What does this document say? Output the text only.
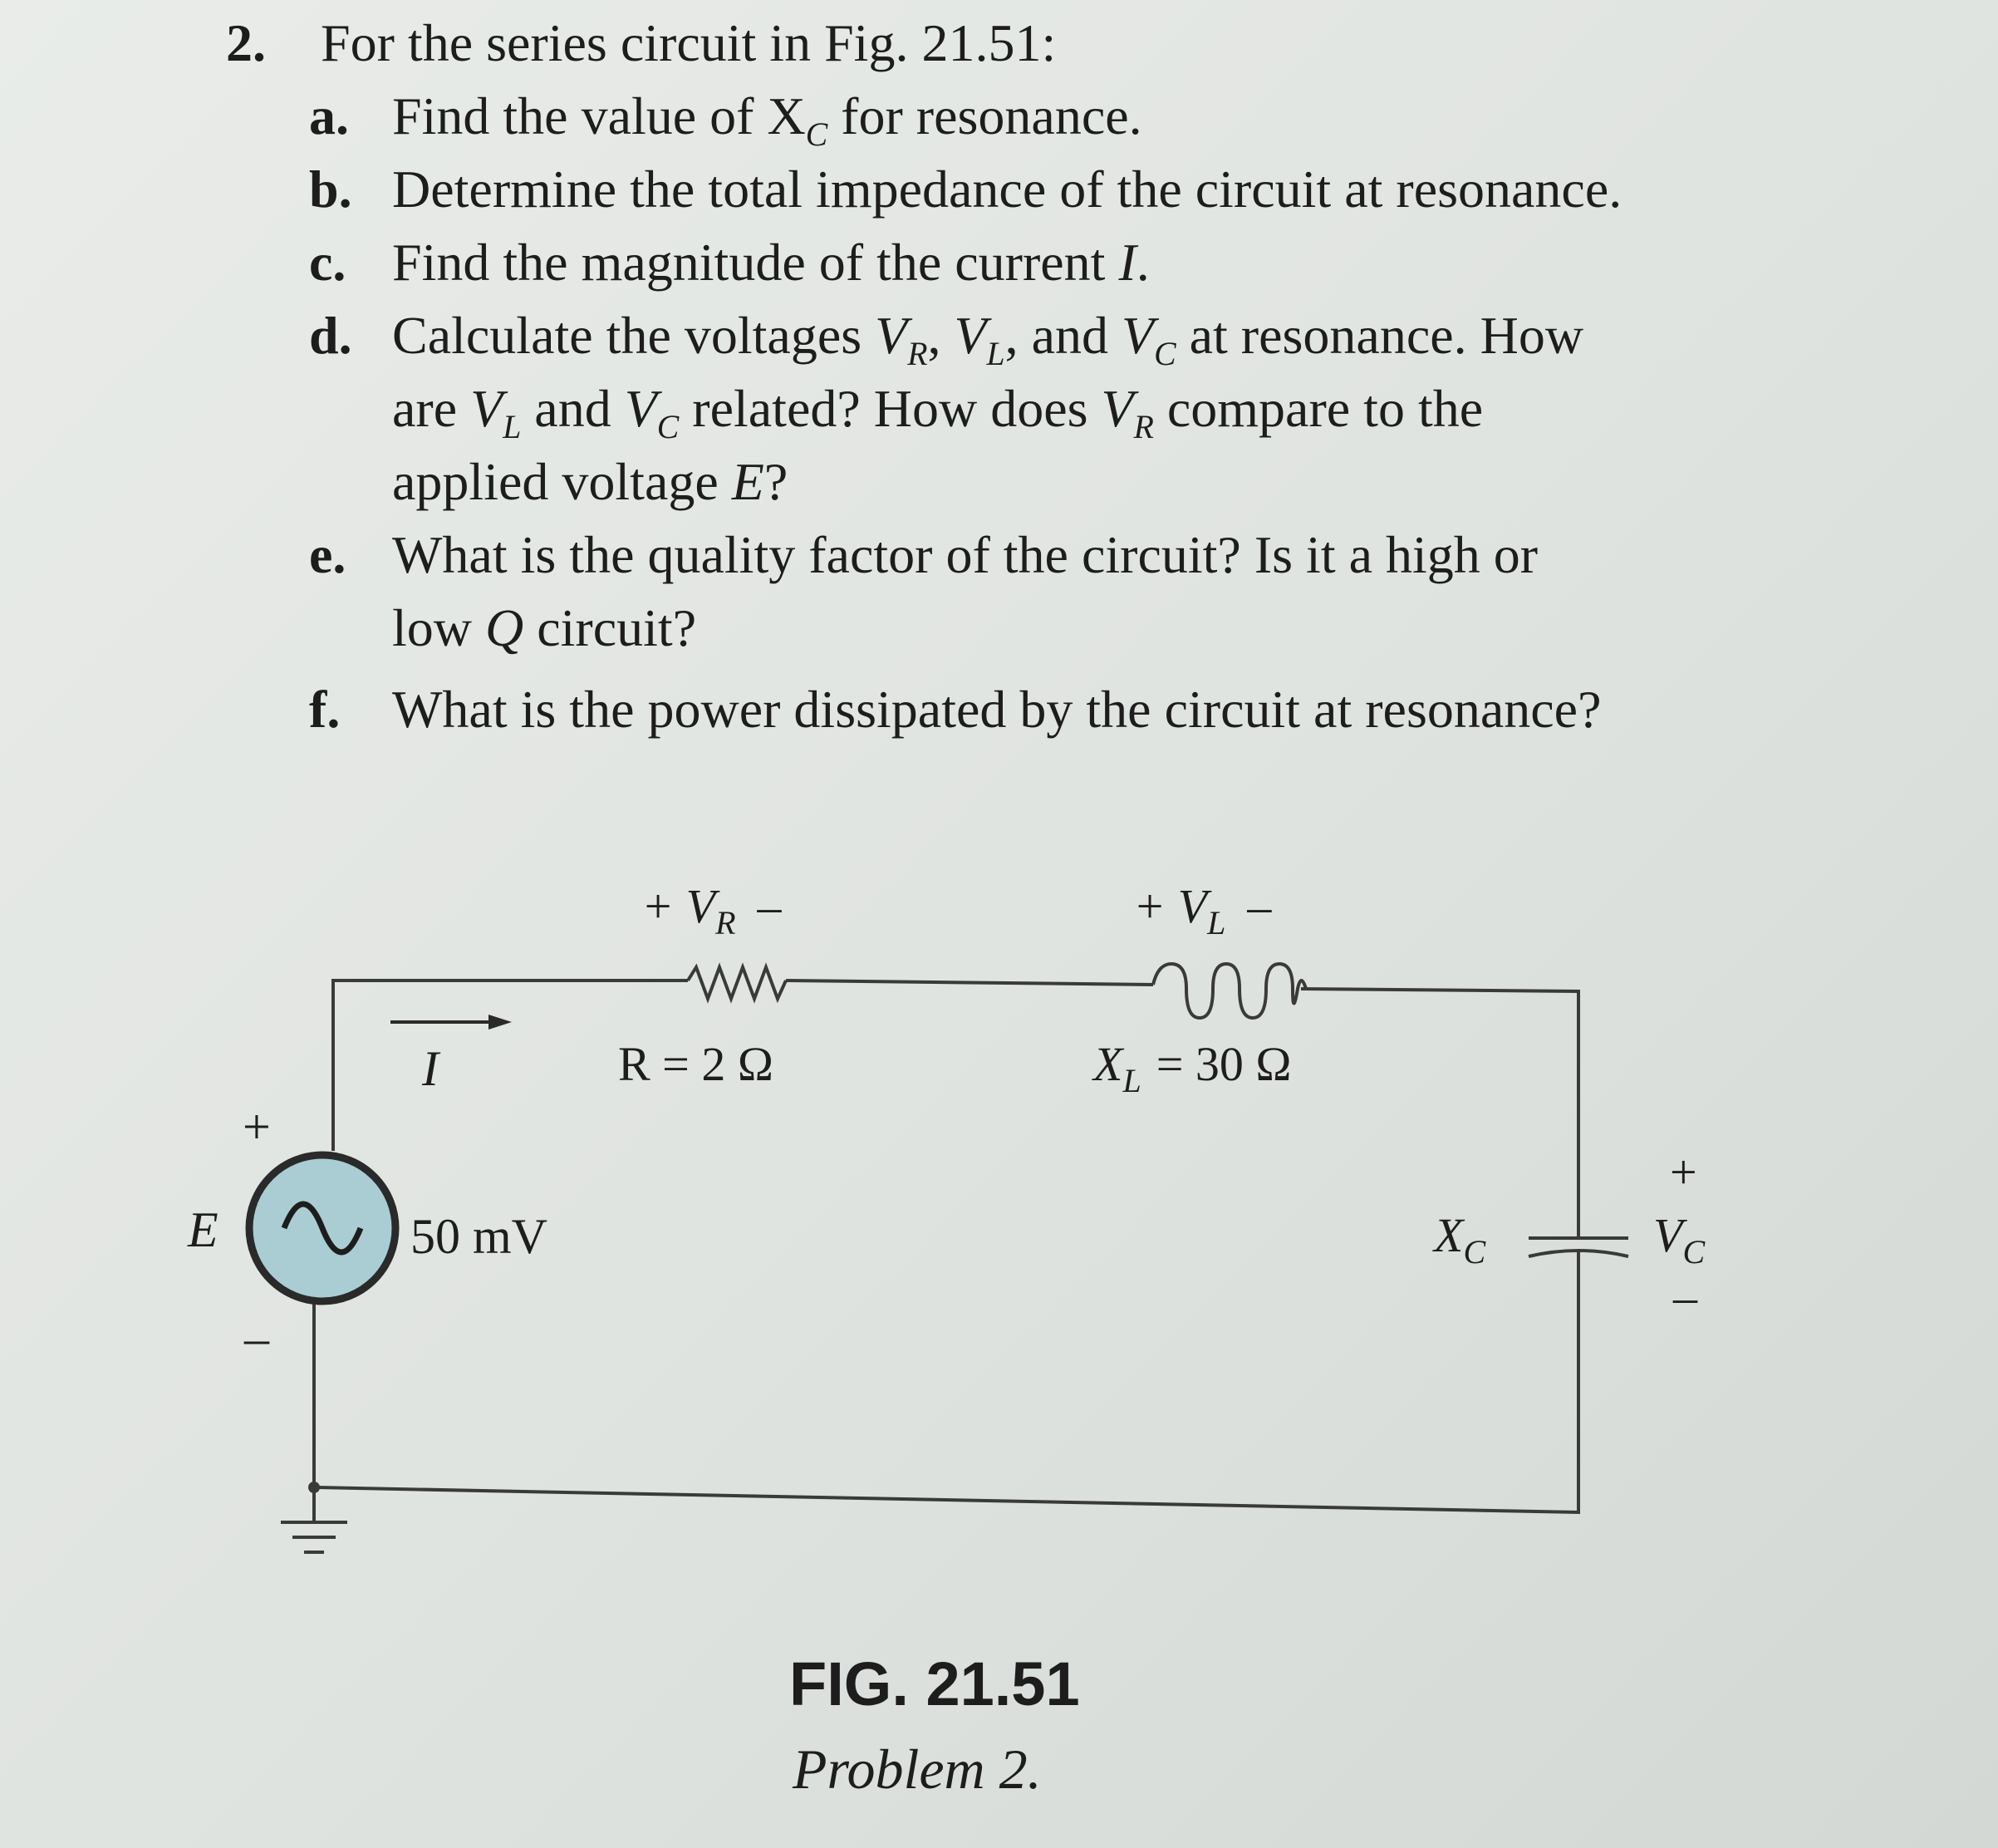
2. For the series circuit in Fig. 21.51:
a. Find the value of $X_C$ for resonance.
b. Determine the total impedance of the circuit at resonance.
c. Find the magnitude of the current I.
d. Calculate the voltages $V_R$, $V_L$, and $V_C$ at resonance. How
are $V_L$ and $V_C$ related? How does $V_R$ compare to the
applied voltage E?
e. What is the quality factor of the circuit? Is it a high or
low Q circuit?
f. What is the power dissipated by the circuit at resonance?
+
E
–
50 mV
I
+ $V_R$ –
R = 2 Ω
+ $V_L$ –
$X_L = 30$ Ω
$X_C$
+
$V_C$
–
FIG. 21.51
Problem 2.
